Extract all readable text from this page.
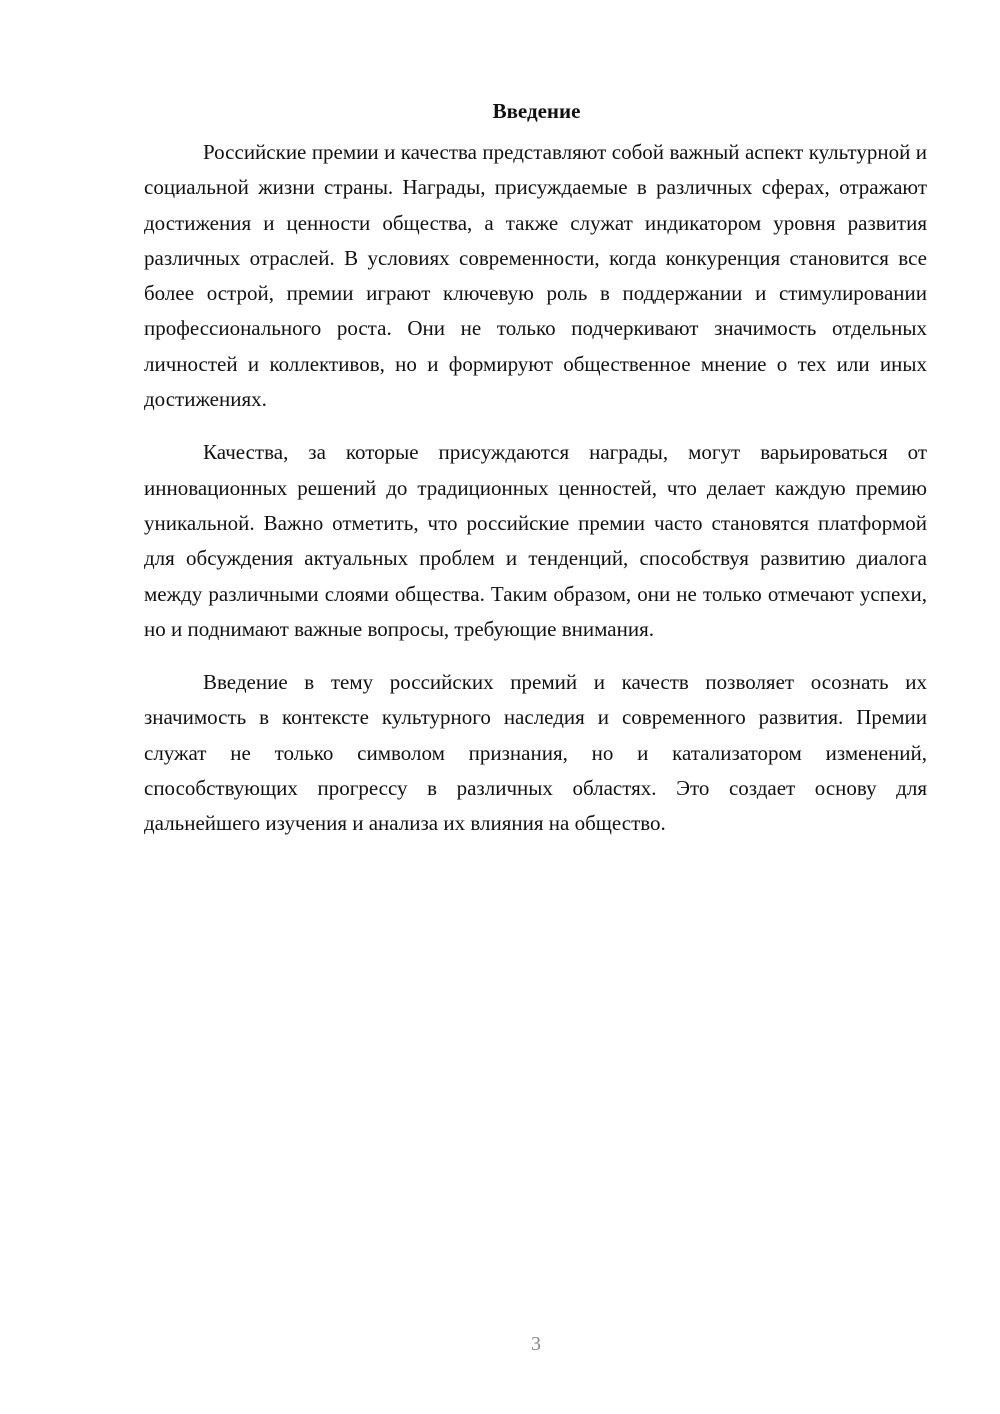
Введение

Российские премии и качества представляют собой важный аспект культурной и социальной жизни страны. Награды, присуждаемые в различных сферах, отражают достижения и ценности общества, а также служат индикатором уровня развития различных отраслей. В условиях современности, когда конкуренция становится все более острой, премии играют ключевую роль в поддержании и стимулировании профессионального роста. Они не только подчеркивают значимость отдельных личностей и коллективов, но и формируют общественное мнение о тех или иных достижениях.

Качества, за которые присуждаются награды, могут варьироваться от инновационных решений до традиционных ценностей, что делает каждую премию уникальной. Важно отметить, что российские премии часто становятся платформой для обсуждения актуальных проблем и тенденций, способствуя развитию диалога между различными слоями общества. Таким образом, они не только отмечают успехи, но и поднимают важные вопросы, требующие внимания.

Введение в тему российских премий и качеств позволяет осознать их значимость в контексте культурного наследия и современного развития. Премии служат не только символом признания, но и катализатором изменений, способствующих прогрессу в различных областях. Это создает основу для дальнейшего изучения и анализа их влияния на общество.

3
